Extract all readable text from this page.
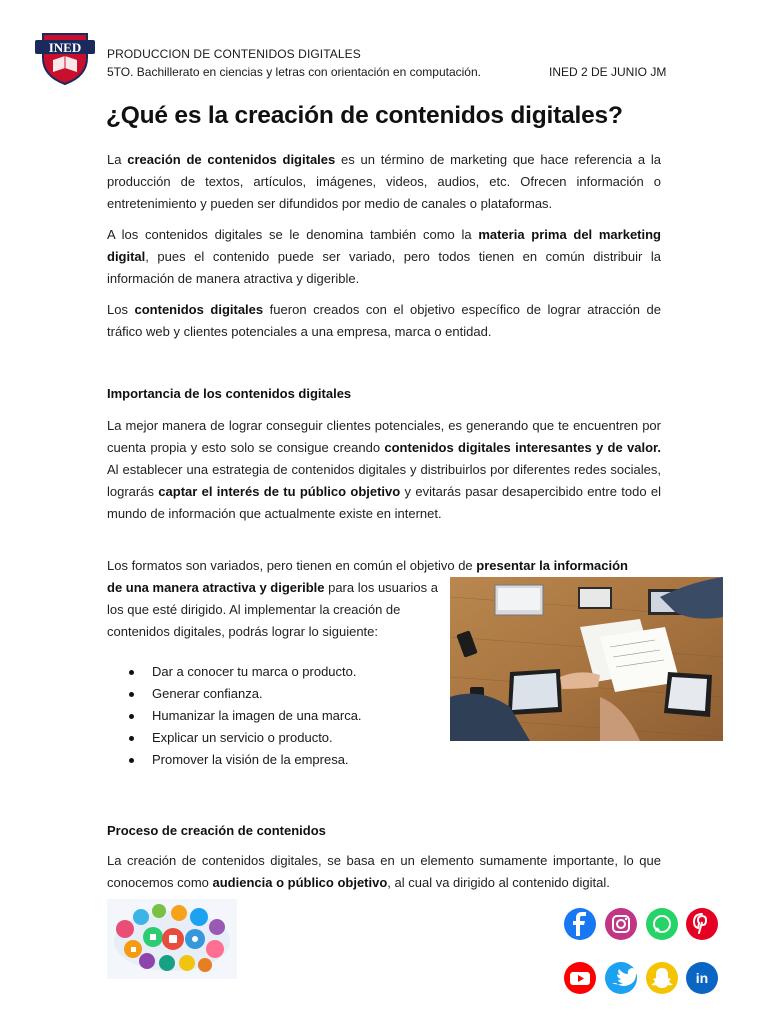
INED PRODUCCION DE CONTENIDOS DIGITALES
5TO. Bachillerato en ciencias y letras con orientación en computación.	INED 2 DE JUNIO JM
¿Qué es la creación de contenidos digitales?

La creación de contenidos digitales es un término de marketing que hace referencia a la producción de textos, artículos, imágenes, videos, audios, etc. Ofrecen información o entretenimiento y pueden ser difundidos por medio de canales o plataformas.

A los contenidos digitales se le denomina también como la materia prima del marketing digital, pues el contenido puede ser variado, pero todos tienen en común distribuir la información de manera atractiva y digerible.

Los contenidos digitales fueron creados con el objetivo específico de lograr atracción de tráfico web y clientes potenciales a una empresa, marca o entidad.

Importancia de los contenidos digitales

La mejor manera de lograr conseguir clientes potenciales, es generando que te encuentren por cuenta propia y esto solo se consigue creando contenidos digitales interesantes y de valor. Al establecer una estrategia de contenidos digitales y distribuirlos por diferentes redes sociales, lograrás captar el interés de tu público objetivo y evitarás pasar desapercibido entre todo el mundo de información que actualmente existe en internet.

Los formatos son variados, pero tienen en común el objetivo de presentar la información

de una manera atractiva y digerible para los usuarios a los que esté dirigido. Al implementar la creación de contenidos digitales, podrás lograr lo siguiente:

Dar a conocer tu marca o producto.
Generar confianza.
Humanizar la imagen de una marca.
Explicar un servicio o producto.
Promover la visión de la empresa.
Proceso de creación de contenidos

La creación de contenidos digitales, se basa en un elemento sumamente importante, lo que conocemos como audiencia o público objetivo, al cual va dirigido al contenido digital.

in
